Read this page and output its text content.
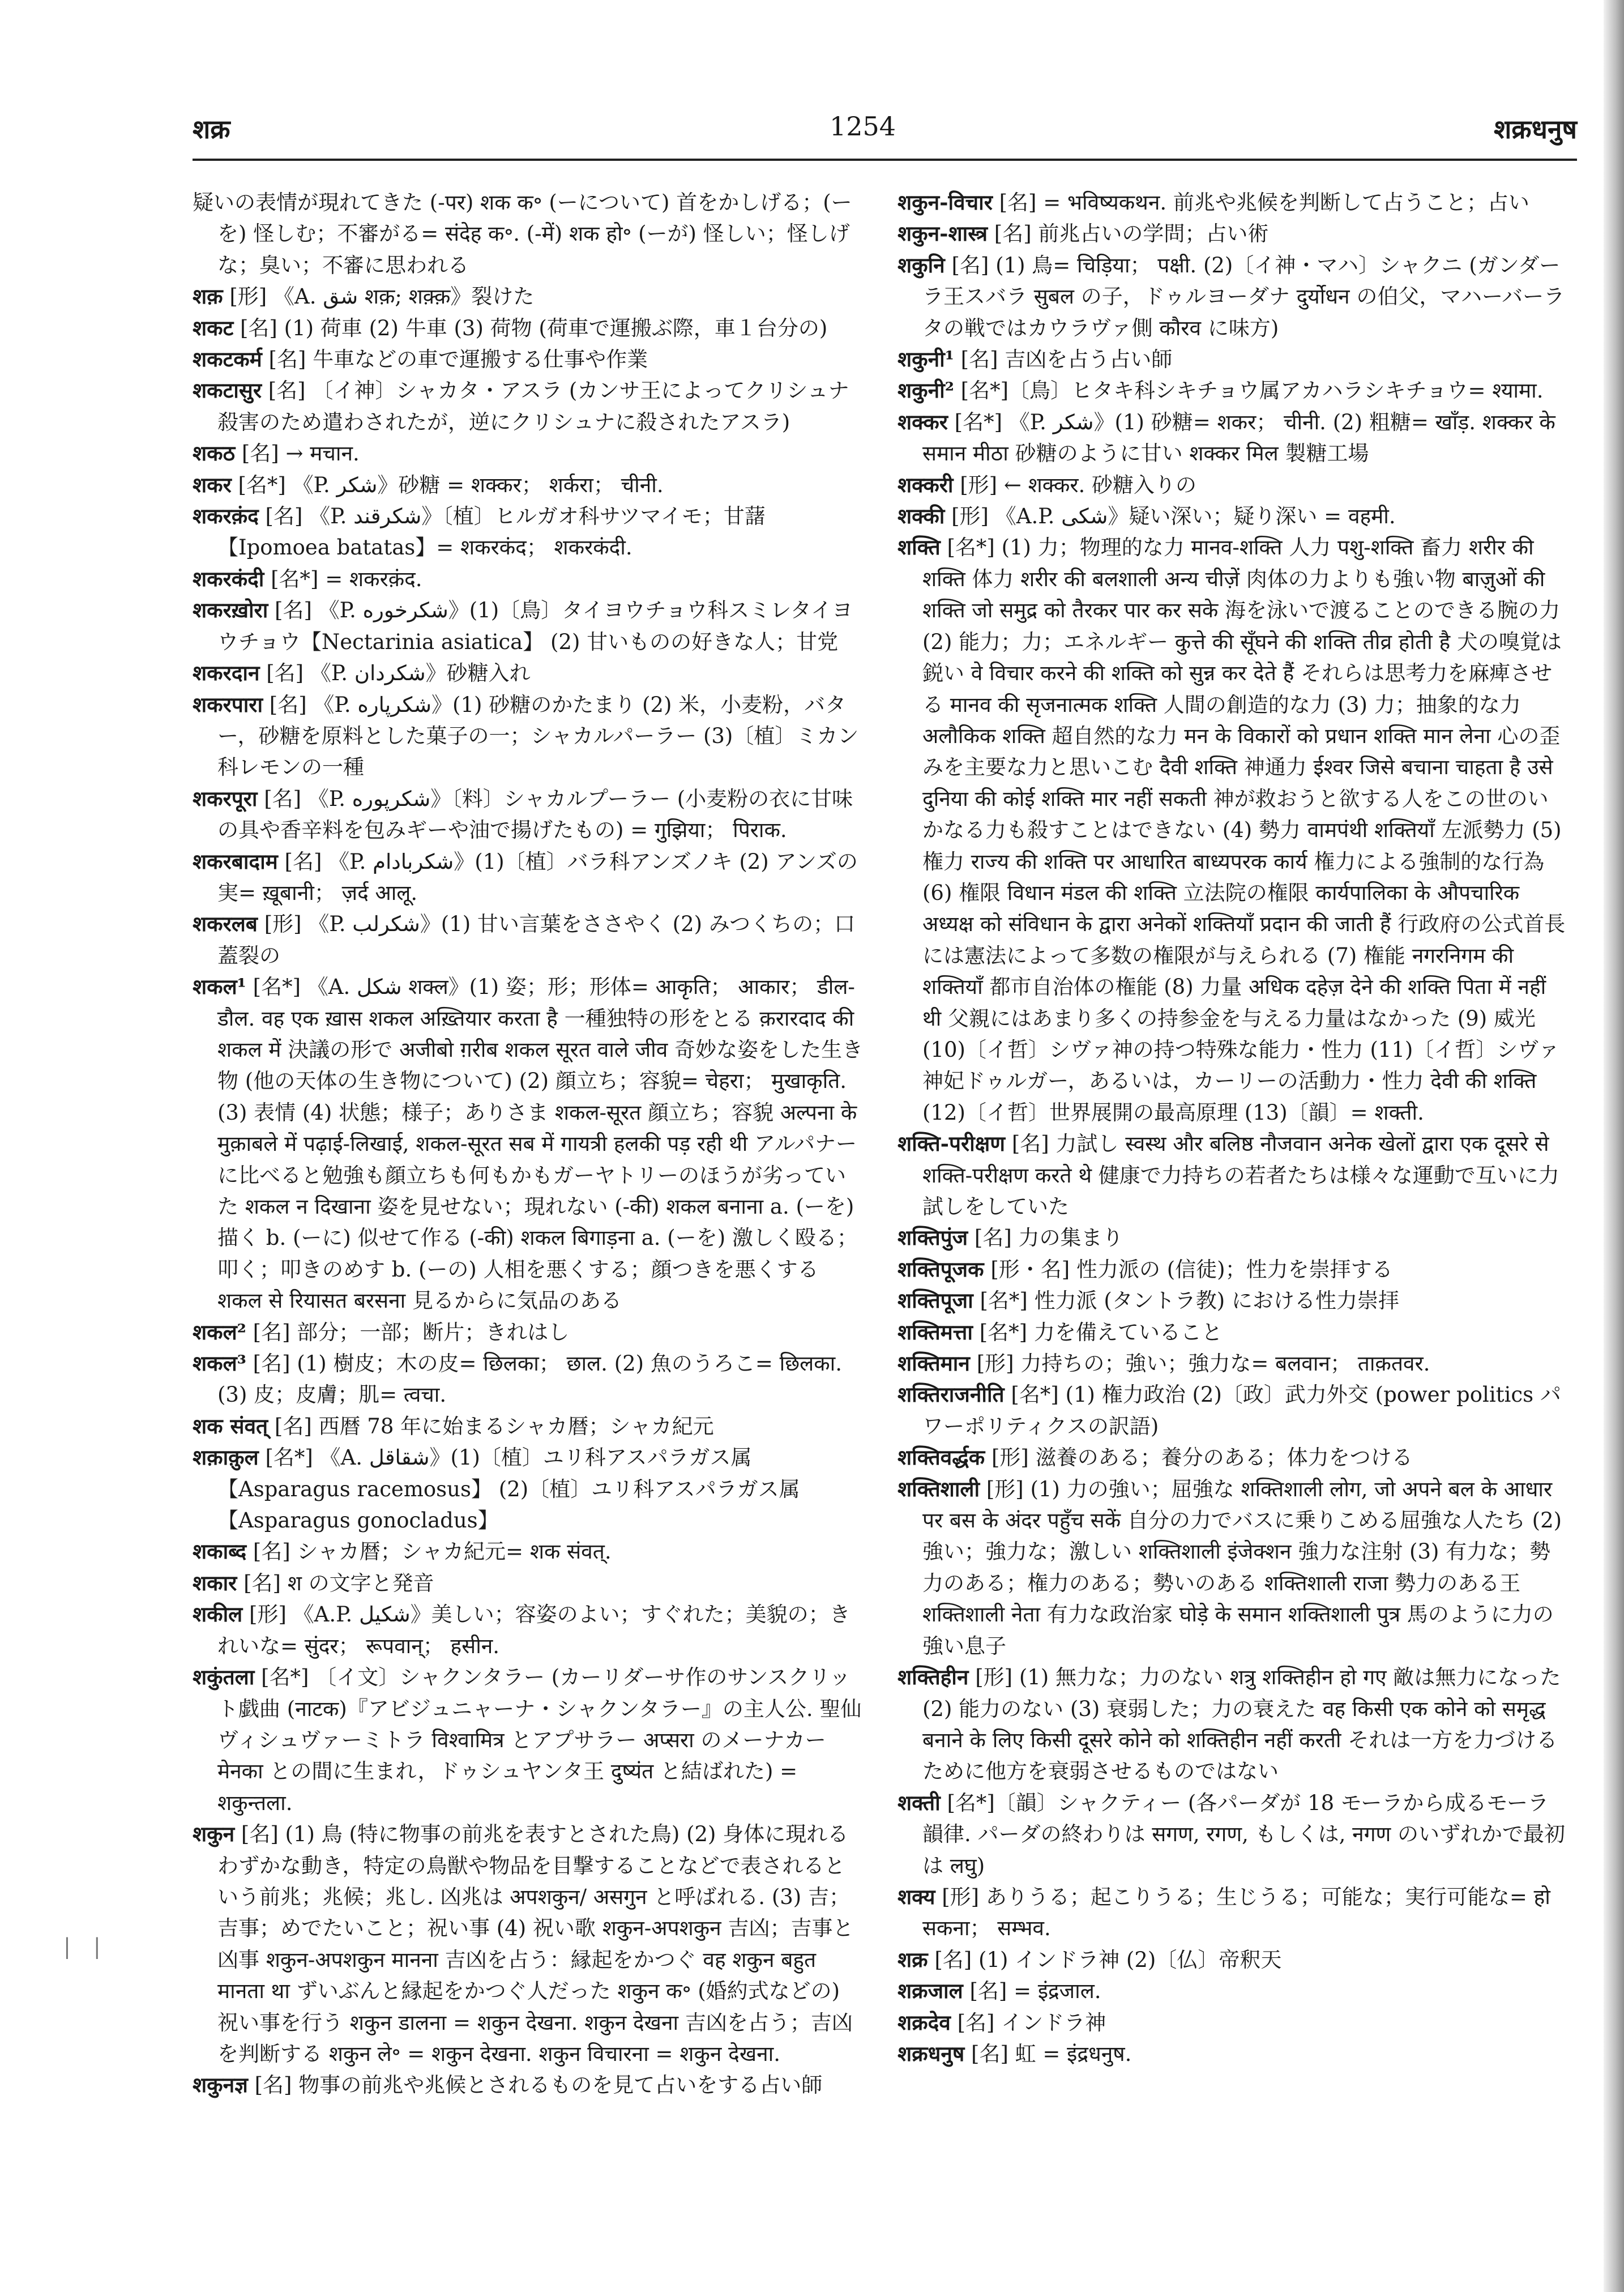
शक्र	1254	शक्रधनुष
| |

疑いの表情が現れてきた (-पर) शक क॰ (ーについて) 首をかしげる；(ーを) 怪しむ；不審がる= संदेह क॰. (-में) शक हो॰ (ーが) 怪しい；怪しげな；臭い；不審に思われる

शक़ [形] 《A. شق शक़; शक़्क़》裂けた

शकट [名] (1) 荷車 (2) 牛車 (3) 荷物 (荷車で運搬ぶ際，車１台分の)

शकटकर्म [名] 牛車などの車で運搬する仕事や作業

शकटासुर [名] 〔イ神〕シャカタ・アスラ (カンサ王によってクリシュナ殺害のため遣わされたが，逆にクリシュナに殺されたアスラ)

शकठ [名] → मचान.

शकर [名*] 《P. شکر》砂糖 = शक्कर； शर्करा； चीनी.

शकरक़ंद [名] 《P. شکرقند》〔植〕ヒルガオ科サツマイモ；甘藷【Ipomoea batatas】= शकरकंद； शकरकंदी.

शकरकंदी [名*] = शकरक़ंद.

शकरख़ोरा [名] 《P. شکرخوره》(1)〔鳥〕タイヨウチョウ科スミレタイヨウチョウ【Nectarinia asiatica】 (2) 甘いものの好きな人；甘党

शकरदान [名] 《P. شکردان》砂糖入れ

शकरपारा [名] 《P. شکرپاره》(1) 砂糖のかたまり (2) 米，小麦粉，バター，砂糖を原料とした菓子の一；シャカルパーラー (3)〔植〕ミカン科レモンの一種

शकरपूरा [名] 《P. شکرپوره》〔料〕シャカルプーラー (小麦粉の衣に甘味の具や香辛料を包みギーや油で揚げたもの) = गुझिया； पिराक.

शकरबादाम [名] 《P. شکربادام》(1)〔植〕バラ科アンズノキ (2) アンズの実= ख़ूबानी； ज़र्द आलू.

शकरलब [形] 《P. شکرلب》(1) 甘い言葉をささやく (2) みつくちの；口蓋裂の

शकल¹ [名*] 《A. شکل शक्ल》(1) 姿；形；形体= आकृति； आकार； डील-डौल. वह एक ख़ास शकल अख़्तियार करता है 一種独特の形をとる क़रारदाद की शकल में 決議の形で अजीबो ग़रीब शकल सूरत वाले जीव 奇妙な姿をした生き物 (他の天体の生き物について) (2) 顔立ち；容貌= चेहरा； मुखाकृति. (3) 表情 (4) 状態；様子；ありさま शकल-सूरत 顔立ち；容貌 अल्पना के मुक़ाबले में पढ़ाई-लिखाई, शकल-सूरत सब में गायत्री हलकी पड़ रही थी アルパナーに比べると勉強も顔立ちも何もかもガーヤトリーのほうが劣っていた शकल न दिखाना 姿を見せない；現れない (-की) शकल बनाना a. (ーを) 描く b. (ーに) 似せて作る (-की) शकल बिगाड़ना a. (ーを) 激しく殴る；叩く；叩きのめす b. (ーの) 人相を悪くする；顔つきを悪くする शकल से रियासत बरसना 見るからに気品のある

शकल² [名] 部分；一部；断片；きれはし

शकल³ [名] (1) 樹皮；木の皮= छिलका； छाल. (2) 魚のうろこ= छिलका. (3) 皮；皮膚；肌= त्वचा.

शक संवत् [名] 西暦 78 年に始まるシャカ暦；シャカ紀元

शक़ाक़ुल [名*] 《A. شقاقل》(1)〔植〕ユリ科アスパラガス属【Asparagus racemosus】 (2)〔植〕ユリ科アスパラガス属【Asparagus gonocladus】

शकाब्द [名] シャカ暦；シャカ紀元= शक संवत्.

शकार [名] श の文字と発音

शकील [形] 《A.P. شکیل》美しい；容姿のよい；すぐれた；美貌の；きれいな= सुंदर； रूपवान्； हसीन.

शकुंतला [名*] 〔イ文〕シャクンタラー (カーリダーサ作のサンスクリット戯曲 (नाटक)『アビジュニャーナ・シャクンタラー』の主人公. 聖仙ヴィシュヴァーミトラ विश्वामित्र とアプサラー अप्सरा のメーナカー मेनका との間に生まれ，ドゥシュヤンタ王 दुष्यंत と結ばれた) = शकुन्तला.

शकुन [名] (1) 鳥 (特に物事の前兆を表すとされた鳥) (2) 身体に現れるわずかな動き，特定の鳥獣や物品を目撃することなどで表されるという前兆；兆候；兆し. 凶兆は अपशकुन/ असगुन と呼ばれる. (3) 吉；吉事；めでたいこと；祝い事 (4) 祝い歌 शकुन-अपशकुन 吉凶；吉事と凶事 शकुन-अपशकुन मानना 吉凶を占う：縁起をかつぐ वह शकुन बहुत मानता था ずいぶんと縁起をかつぐ人だった शकुन क॰ (婚約式などの) 祝い事を行う शकुन डालना = शकुन देखना. शकुन देखना 吉凶を占う；吉凶を判断する शकुन ले॰ = शकुन देखना. शकुन विचारना = शकुन देखना.

शकुनज्ञ [名] 物事の前兆や兆候とされるものを見て占いをする占い師

शकुन-विचार [名] = भविष्यकथन. 前兆や兆候を判断して占うこと；占い

शकुन-शास्त्र [名] 前兆占いの学問；占い術

शकुनि [名] (1) 鳥= चिड़िया； पक्षी. (2)〔イ神・マハ〕シャクニ (ガンダーラ王スバラ सुबल の子，ドゥルヨーダナ दुर्योधन の伯父，マハーバーラタの戦ではカウラヴァ側 कौरव に味方)

शकुनी¹ [名] 吉凶を占う占い師

शकुनी² [名*]〔鳥〕ヒタキ科シキチョウ属アカハラシキチョウ= श्यामा.

शक्कर [名*] 《P. شکر》(1) 砂糖= शकर； चीनी. (2) 粗糖= खाँड़. शक्कर के समान मीठा 砂糖のように甘い शक्कर मिल 製糖工場

शक्करी [形] ← शक्कर. 砂糖入りの

शक्की [形] 《A.P. شکی》疑い深い；疑り深い = वहमी.

शक्ति [名*] (1) 力；物理的な力 मानव-शक्ति 人力 पशु-शक्ति 畜力 शरीर की शक्ति 体力 शरीर की बलशाली अन्य चीज़ें 肉体の力よりも強い物 बाज़ुओं की शक्ति जो समुद्र को तैरकर पार कर सके 海を泳いで渡ることのできる腕の力 (2) 能力；力；エネルギー कुत्ते की सूँघने की शक्ति तीव्र होती है 犬の嗅覚は鋭い वे विचार करने की शक्ति को सुन्न कर देते हैं それらは思考力を麻痺させる मानव की सृजनात्मक शक्ति 人間の創造的な力 (3) 力；抽象的な力 अलौकिक शक्ति 超自然的な力 मन के विकारों को प्रधान शक्ति मान लेना 心の歪みを主要な力と思いこむ दैवी शक्ति 神通力 ईश्वर जिसे बचाना चाहता है उसे दुनिया की कोई शक्ति मार नहीं सकती 神が救おうと欲する人をこの世のいかなる力も殺すことはできない (4) 勢力 वामपंथी शक्तियाँ 左派勢力 (5) 権力 राज्य की शक्ति पर आधारित बाध्यपरक कार्य 権力による強制的な行為 (6) 権限 विधान मंडल की शक्ति 立法院の権限 कार्यपालिका के औपचारिक अध्यक्ष को संविधान के द्वारा अनेकों शक्तियाँ प्रदान की जाती हैं 行政府の公式首長には憲法によって多数の権限が与えられる (7) 権能 नगरनिगम की शक्तियाँ 都市自治体の権能 (8) 力量 अधिक दहेज़ देने की शक्ति पिता में नहीं थी 父親にはあまり多くの持参金を与える力量はなかった (9) 威光 (10)〔イ哲〕シヴァ神の持つ特殊な能力・性力 (11)〔イ哲〕シヴァ神妃ドゥルガー，あるいは，カーリーの活動力・性力 देवी की शक्ति (12)〔イ哲〕世界展開の最高原理 (13)〔韻〕= शक्ती.

शक्ति-परीक्षण [名] 力試し स्वस्थ और बलिष्ठ नौजवान अनेक खेलों द्वारा एक दूसरे से शक्ति-परीक्षण करते थे 健康で力持ちの若者たちは様々な運動で互いに力試しをしていた

शक्तिपुंज [名] 力の集まり

शक्तिपूजक [形・名] 性力派の (信徒)；性力を崇拝する

शक्तिपूजा [名*] 性力派 (タントラ教) における性力崇拝

शक्तिमत्ता [名*] 力を備えていること

शक्तिमान [形] 力持ちの；強い；強力な= बलवान； ताक़तवर.

शक्तिराजनीति [名*] (1) 権力政治 (2)〔政〕武力外交 (power politics パワーポリティクスの訳語)

शक्तिवर्द्धक [形] 滋養のある；養分のある；体力をつける

शक्तिशाली [形] (1) 力の強い；屈強な शक्तिशाली लोग, जो अपने बल के आधार पर बस के अंदर पहुँच सकें 自分の力でバスに乗りこめる屈強な人たち (2) 強い；強力な；激しい शक्तिशाली इंजेक्शन 強力な注射 (3) 有力な；勢力のある；権力のある；勢いのある शक्तिशाली राजा 勢力のある王 शक्तिशाली नेता 有力な政治家 घोड़े के समान शक्तिशाली पुत्र 馬のように力の強い息子

शक्तिहीन [形] (1) 無力な；力のない शत्रु शक्तिहीन हो गए 敵は無力になった (2) 能力のない (3) 衰弱した；力の衰えた वह किसी एक कोने को समृद्ध बनाने के लिए किसी दूसरे कोने को शक्तिहीन नहीं करती それは一方を力づけるために他方を衰弱させるものではない

शक्ती [名*]〔韻〕シャクティー (各パーダが 18 モーラから成るモーラ韻律. パーダの終わりは सगण, रगण, もしくは, नगण のいずれかで最初は लघु)

शक्य [形] ありうる；起こりうる；生じうる；可能な；実行可能な= हो सकना； सम्भव.

शक्र [名] (1) インドラ神 (2)〔仏〕帝釈天

शक्रजाल [名] = इंद्रजाल.

शक्रदेव [名] インドラ神

शक्रधनुष [名] 虹 = इंद्रधनुष.
